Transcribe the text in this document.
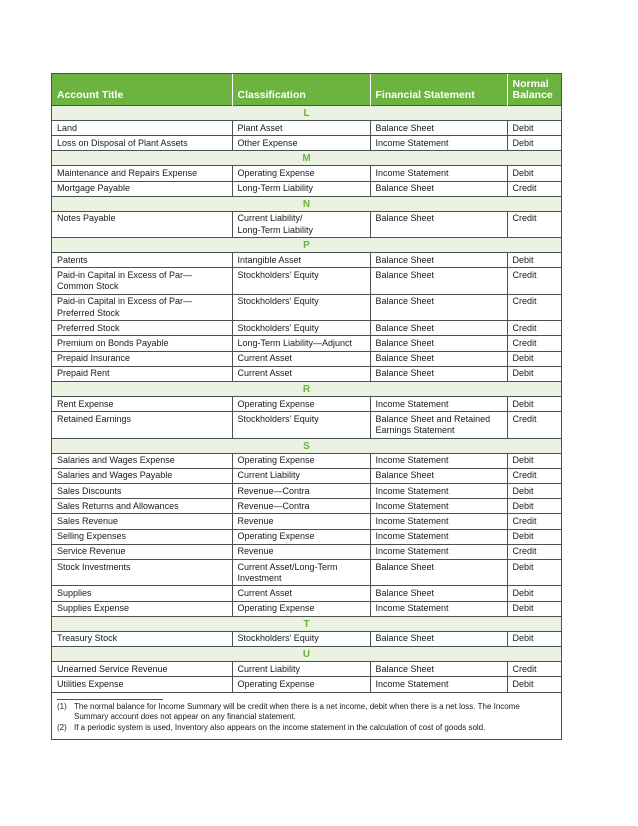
Account Title	Classification	Financial Statement	Normal Balance
L			
Land	Plant Asset	Balance Sheet	Debit
Loss on Disposal of Plant Assets	Other Expense	Income Statement	Debit
M			
Maintenance and Repairs Expense	Operating Expense	Income Statement	Debit
Mortgage Payable	Long-Term Liability	Balance Sheet	Credit
N			
Notes Payable	Current Liability/
Long-Term Liability	Balance Sheet	Credit
P			
Patents	Intangible Asset	Balance Sheet	Debit
Paid-in Capital in Excess of Par—
Common Stock	Stockholders’ Equity	Balance Sheet	Credit
Paid-in Capital in Excess of Par—
Preferred Stock	Stockholders’ Equity	Balance Sheet	Credit
Preferred Stock	Stockholders’ Equity	Balance Sheet	Credit
Premium on Bonds Payable	Long-Term Liability—Adjunct	Balance Sheet	Credit
Prepaid Insurance	Current Asset	Balance Sheet	Debit
Prepaid Rent	Current Asset	Balance Sheet	Debit
R			
Rent Expense	Operating Expense	Income Statement	Debit
Retained Earnings	Stockholders’ Equity	Balance Sheet and Retained
Earnings Statement	Credit
S			
Salaries and Wages Expense	Operating Expense	Income Statement	Debit
Salaries and Wages Payable	Current Liability	Balance Sheet	Credit
Sales Discounts	Revenue—Contra	Income Statement	Debit
Sales Returns and Allowances	Revenue—Contra	Income Statement	Debit
Sales Revenue	Revenue	Income Statement	Credit
Selling Expenses	Operating Expense	Income Statement	Debit
Service Revenue	Revenue	Income Statement	Credit
Stock Investments	Current Asset/Long-Term
Investment	Balance Sheet	Debit
Supplies	Current Asset	Balance Sheet	Debit
Supplies Expense	Operating Expense	Income Statement	Debit
T			
Treasury Stock	Stockholders’ Equity	Balance Sheet	Debit
U			
Unearned Service Revenue	Current Liability	Balance Sheet	Credit
Utilities Expense	Operating Expense	Income Statement	Debit
(1) The normal balance for Income Summary will be credit when there is a net income, debit when there is a net loss. The Income Summary account does not appear on any financial statement.
(2) If a periodic system is used, Inventory also appears on the income statement in the calculation of cost of goods sold.
